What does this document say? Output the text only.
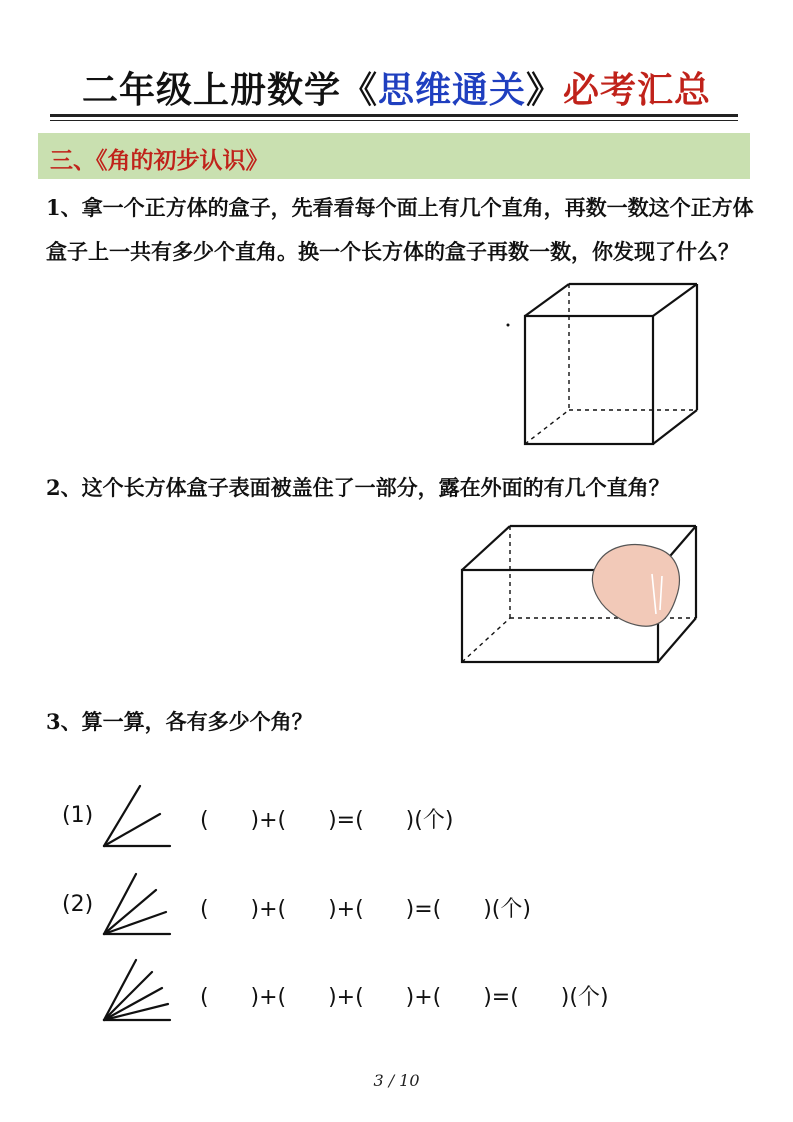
二年级上册数学《思维通关》必考汇总
三、《角的初步认识》
1、拿一个正方体的盒子，先看看每个面上有几个直角，再数一数这个正方体盒子上一共有多少个直角。换一个长方体的盒子再数一数，你发现了什么？
2、这个长方体盒子表面被盖住了一部分，露在外面的有几个直角？
3、算一算，各有多少个角？
(1)	(      )+(      )=(      )(个)
(2)	(      )+(      )+(      )=(      )(个)
(      )+(      )+(      )+(      )=(      )(个)
3 / 10
